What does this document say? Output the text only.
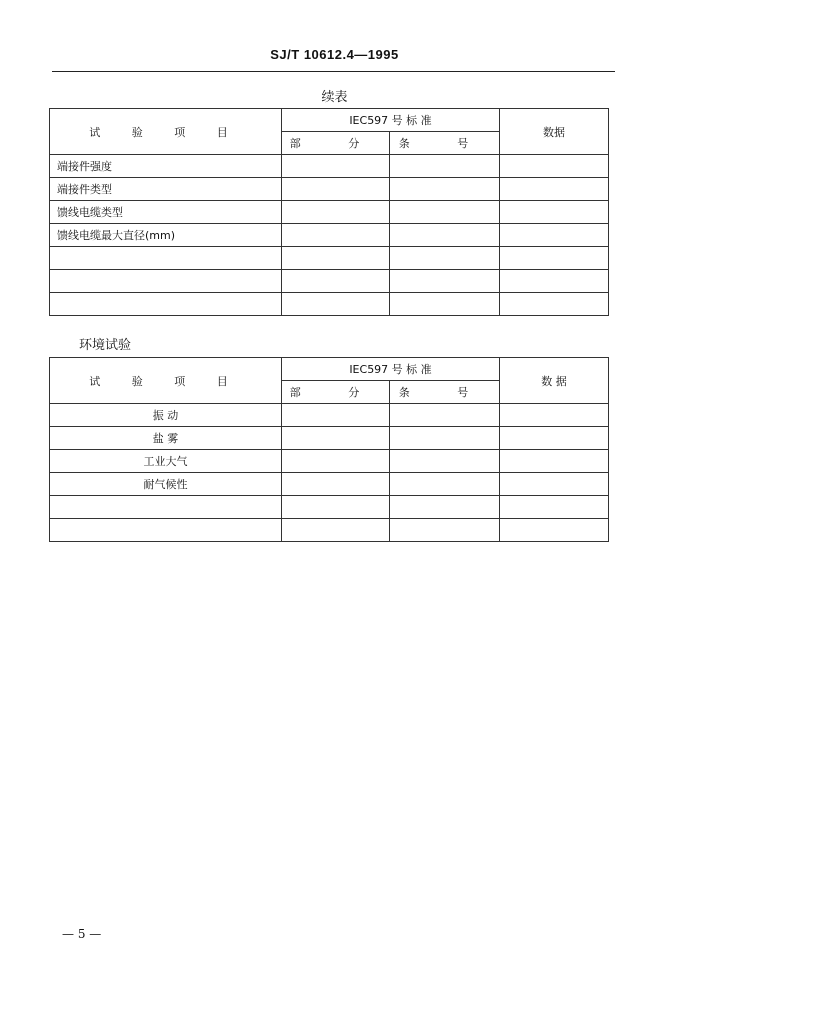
SJ/T 10612.4—1995
续表
试 验 项 目	IEC597 号 标 准		数据
	部 分	条 号	
端接件强度			
端接件类型			
馈线电缆类型			
馈线电缆最大直径(mm)			

环境试验
试 验 项 目	IEC597 号 标 准		数 据
	部 分	条 号	
振 动			
盐 雾			
工业大气			
耐气候性			

— 5 —
